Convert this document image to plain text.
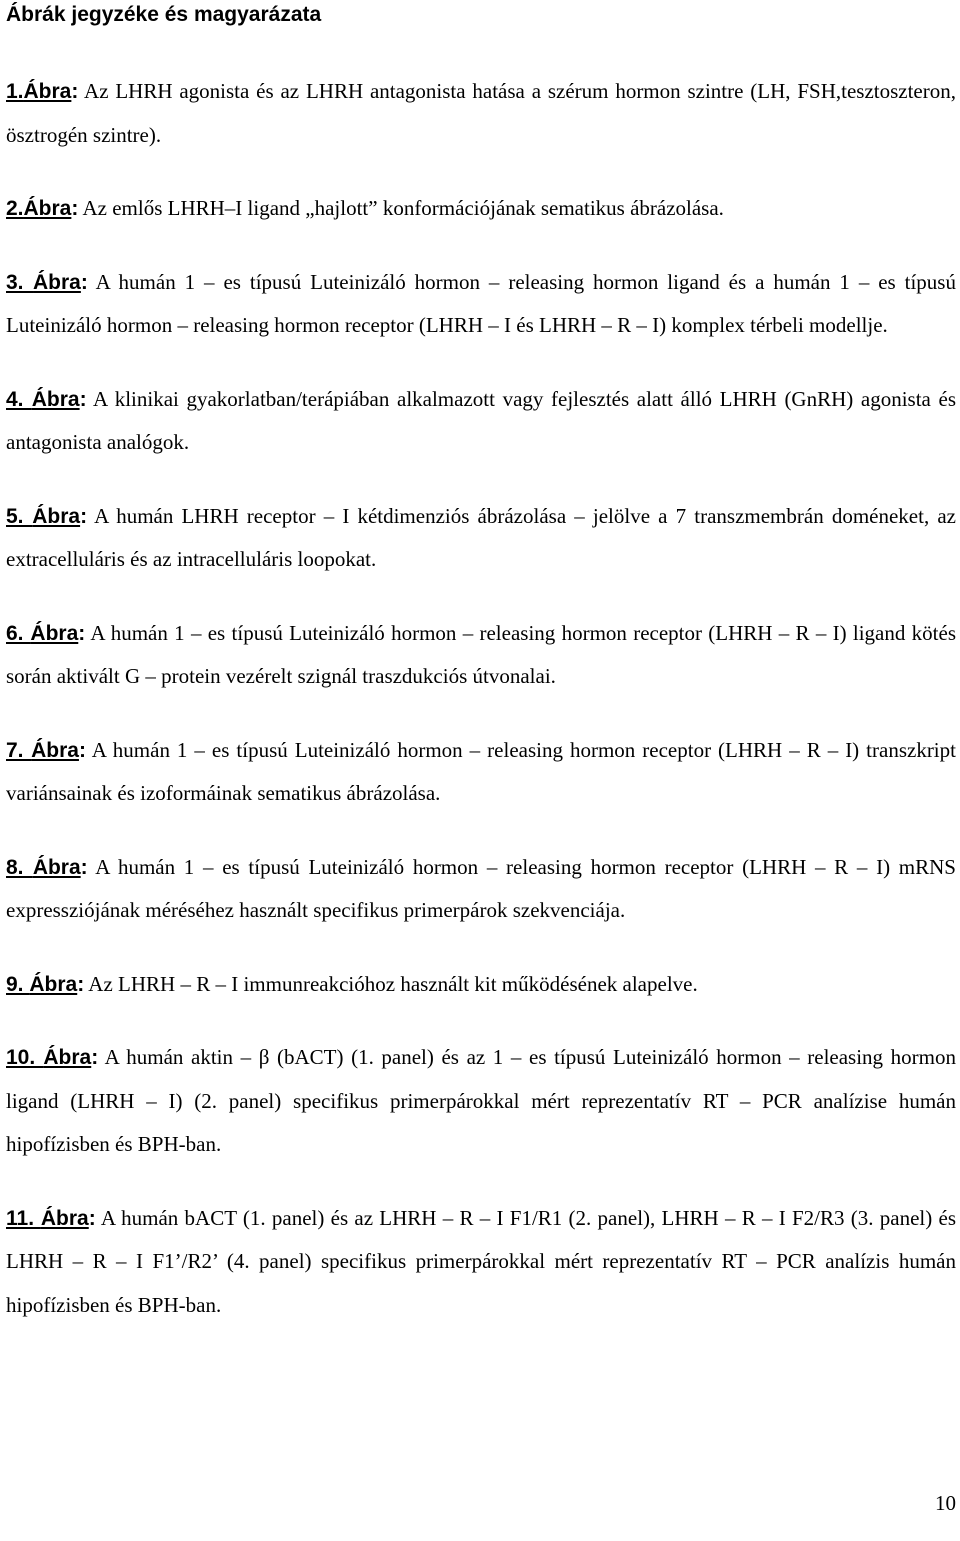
Ábrák jegyzéke és magyarázata

1.Ábra: Az LHRH agonista és az LHRH antagonista hatása a szérum hormon szintre (LH, FSH,tesztoszteron, ösztrogén szintre).

2.Ábra: Az emlős LHRH–I ligand „hajlott” konformációjának sematikus ábrázolása.

3. Ábra: A humán 1 – es típusú Luteinizáló hormon – releasing hormon ligand és a humán 1 – es típusú Luteinizáló hormon – releasing hormon receptor (LHRH – I és LHRH – R – I) komplex térbeli modellje.

4. Ábra: A klinikai gyakorlatban/terápiában alkalmazott vagy fejlesztés alatt álló LHRH (GnRH) agonista és antagonista analógok.

5. Ábra: A humán LHRH receptor – I kétdimenziós ábrázolása – jelölve a 7 transzmembrán doméneket, az extracelluláris és az intracelluláris loopokat.

6. Ábra: A humán 1 – es típusú Luteinizáló hormon – releasing hormon receptor (LHRH – R – I) ligand kötés során aktivált G – protein vezérelt szignál traszdukciós útvonalai.

7. Ábra: A humán 1 – es típusú Luteinizáló hormon – releasing hormon receptor (LHRH – R – I) transzkript variánsainak és izoformáinak sematikus ábrázolása.

8. Ábra: A humán 1 – es típusú Luteinizáló hormon – releasing hormon receptor (LHRH – R – I) mRNS expressziójának méréséhez használt specifikus primerpárok szekvenciája.

9. Ábra: Az LHRH – R – I immunreakcióhoz használt kit működésének alapelve.

10. Ábra: A humán aktin – β (bACT) (1. panel) és az 1 – es típusú Luteinizáló hormon – releasing hormon ligand (LHRH – I) (2. panel) specifikus primerpárokkal mért reprezentatív RT – PCR analízise humán hipofízisben és BPH-ban.

11. Ábra: A humán bACT (1. panel) és az LHRH – R – I F1/R1 (2. panel), LHRH – R – I F2/R3 (3. panel) és LHRH – R – I F1’/R2’ (4. panel) specifikus primerpárokkal mért reprezentatív RT – PCR analízis humán hipofízisben és BPH-ban.

10
